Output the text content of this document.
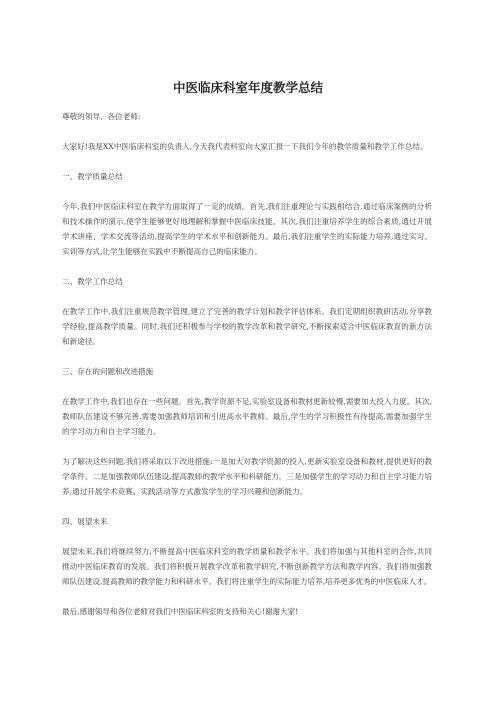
中医临床科室年度教学总结

尊敬的领导、各位老师:

大家好!我是XX中医临床科室的负责人,今天我代表科室向大家汇报一下我们今年的教学质量和教学工作总结。

一、教学质量总结

今年,我们中医临床科室在教学方面取得了一定的成绩。首先,我们注重理论与实践相结合,通过临床案例的分析和技术操作的演示,使学生能够更好地理解和掌握中医临床技能。其次,我们注重培养学生的综合素质,通过开展学术讲座、学术交流等活动,提高学生的学术水平和创新能力。最后,我们注重学生的实际能力培养,通过实习、实训等方式,让学生能够在实践中不断提高自己的临床能力。

二、教学工作总结

在教学工作中,我们注重规范教学管理,建立了完善的教学计划和教学评估体系。我们定期组织教研活动,分享教学经验,提高教学质量。同时,我们还积极参与学校的教学改革和教学研究,不断探索适合中医临床教育的新方法和新途径。

三、存在的问题和改进措施

在教学工作中,我们也存在一些问题。首先,教学资源不足,实验室设备和教材更新较慢,需要加大投入力度。其次,教师队伍建设不够完善,需要加强教师培训和引进高水平教师。最后,学生的学习积极性有待提高,需要加强学生的学习动力和自主学习能力。

为了解决这些问题,我们将采取以下改进措施:一是加大对教学资源的投入,更新实验室设备和教材,提供更好的教学条件。二是加强教师队伍建设,提高教师的教学水平和科研能力。三是加强学生的学习动力和自主学习能力培养,通过开展学术竞赛、实践活动等方式激发学生的学习兴趣和创新能力。

四、展望未来

展望未来,我们将继续努力,不断提高中医临床科室的教学质量和教学水平。我们将加强与其他科室的合作,共同推动中医临床教育的发展。我们将积极开展教学改革和教学研究,不断创新教学方法和教学内容。我们将加强教师队伍建设,提高教师的教学能力和科研水平。我们将注重学生的实际能力培养,培养更多优秀的中医临床人才。

最后,感谢领导和各位老师对我们中医临床科室的支持和关心!谢谢大家!
